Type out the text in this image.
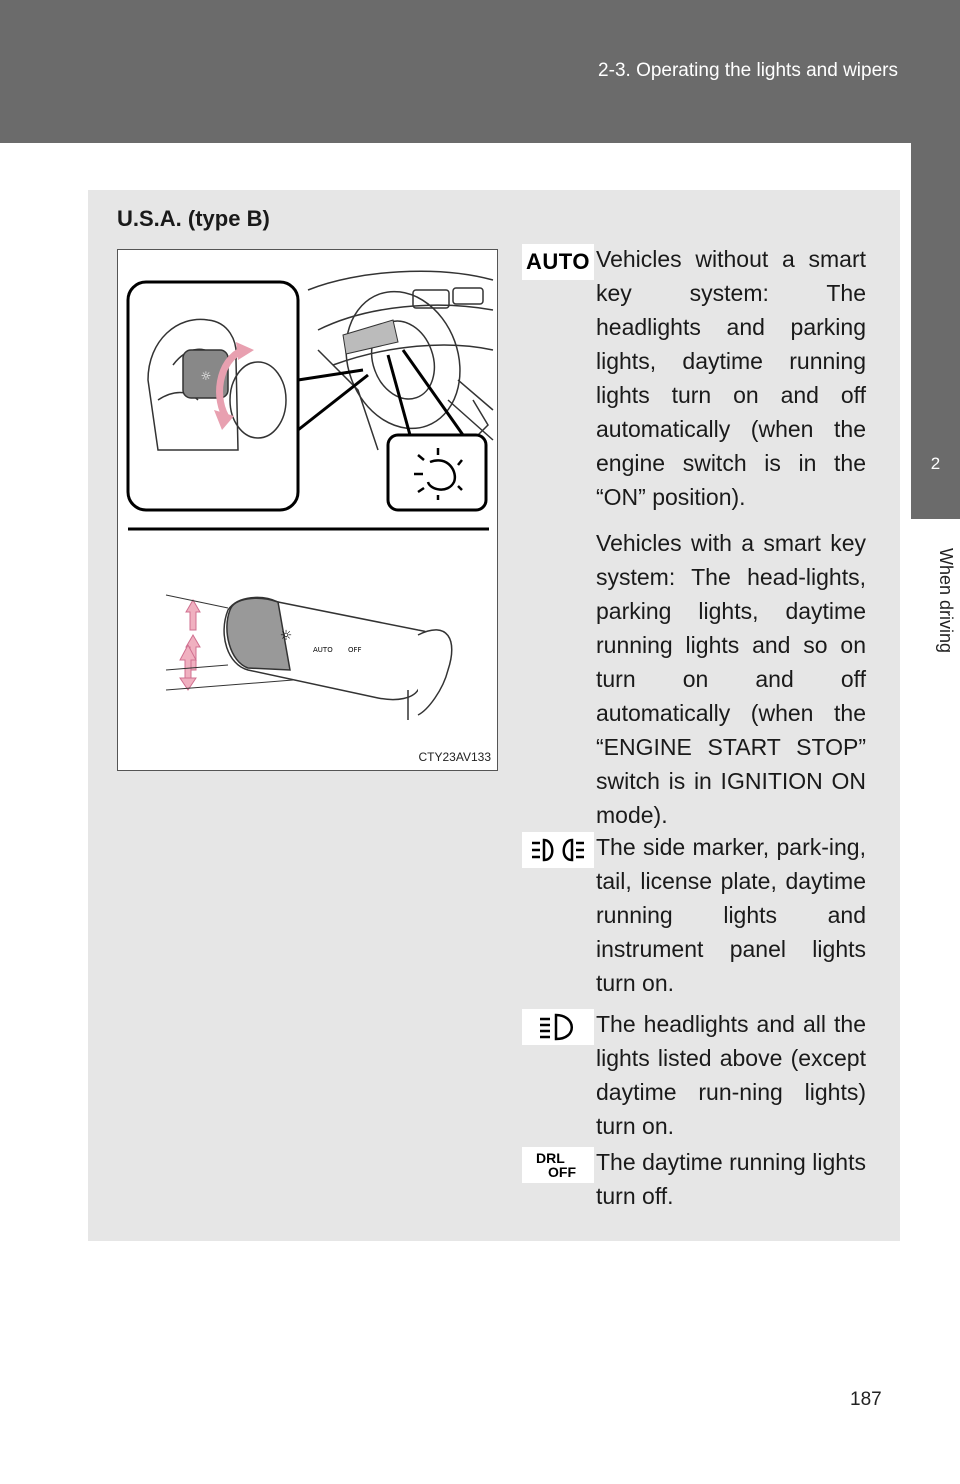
2-3. Operating the lights and wipers
2
When driving
U.S.A. (type B)
☼
☼
AUTO OFF
CTY23AV133
AUTO Vehicles without a smart key system: The headlights and parking lights, daytime running lights turn on and off automatically (when the engine switch is in the “ON” position).

Vehicles with a smart key system: The head-lights, parking lights, daytime running lights and so on turn on and off automatically (when the “ENGINE START STOP” switch is in IGNITION ON mode).

The side marker, park-ing, tail, license plate, daytime running lights and instrument panel lights turn on.

The headlights and all the lights listed above (except daytime run-ning lights) turn on.

DRL
OFF The daytime running lights turn off.

187
